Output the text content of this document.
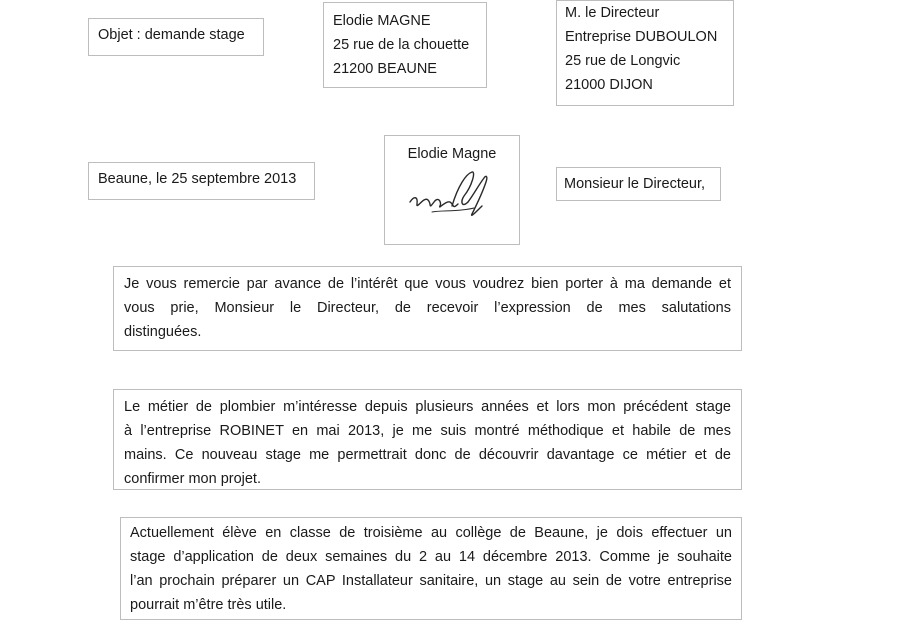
Objet : demande stage
Elodie MAGNE
25 rue de la chouette
21200 BEAUNE
M. le Directeur
Entreprise DUBOULON
25 rue de Longvic
21000 DIJON
Beaune, le 25 septembre 2013
Elodie Magne
Monsieur le Directeur,
Je vous remercie par avance de l’intérêt que vous voudrez bien porter à ma demande et
vous prie, Monsieur le Directeur, de recevoir l’expression de mes salutations
distinguées.
Le métier de plombier m’intéresse depuis plusieurs années et lors mon précédent stage
à l’entreprise ROBINET en mai 2013, je me suis montré méthodique et habile de mes
mains. Ce nouveau stage me permettrait donc de découvrir davantage ce métier et de
confirmer mon projet.
Actuellement élève en classe de troisième au collège de Beaune, je dois effectuer un
stage d’application de deux semaines du 2 au 14 décembre 2013. Comme je souhaite
l’an prochain préparer un CAP Installateur sanitaire, un stage au sein de votre entreprise
pourrait m’être très utile.
